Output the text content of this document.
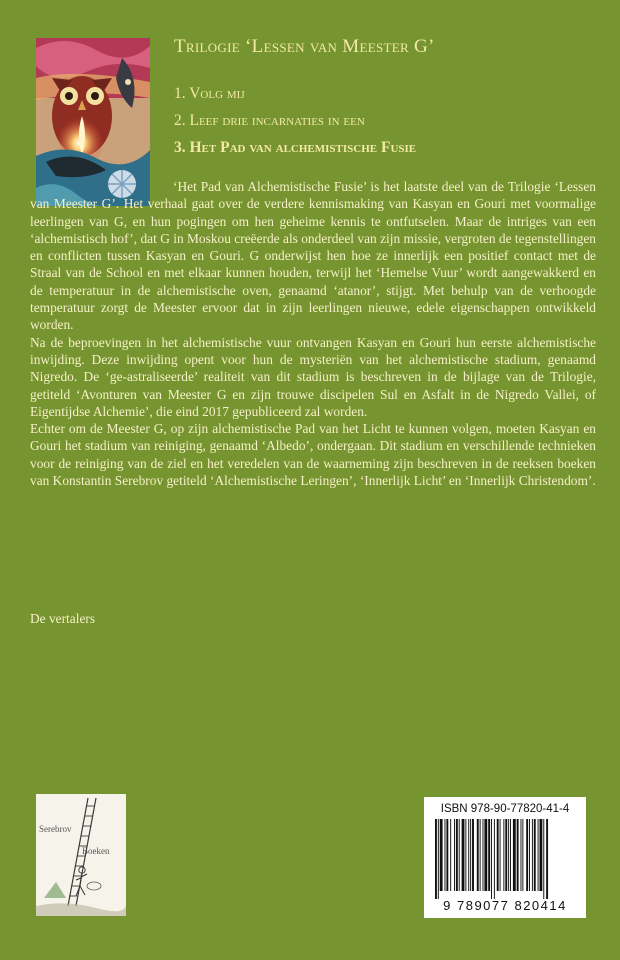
Trilogie ‘Lessen van Meester G’
1. Volg mij
2. Leef drie incarnaties in een
3. Het Pad van alchemistische Fusie

‘Het Pad van Alchemistische Fusie’ is het laatste deel van de Trilogie ‘Lessen van Meester G’. Het verhaal gaat over de verdere kennismaking van Kasyan en Gouri met voormalige leerlingen van G, en hun pogingen om hen geheime kennis te ontfutselen. Maar de intriges van een ‘alchemistisch hof’, dat G in Moskou creëerde als onderdeel van zijn missie, vergroten de tegenstellingen en conflicten tussen Kasyan en Gouri. G onderwijst hen hoe ze innerlijk een positief contact met de Straal van de School en met elkaar kunnen houden, terwijl het ‘Hemelse Vuur’ wordt aangewakkerd en de temperatuur in de alchemistische oven, genaamd ‘atanor’, stijgt. Met behulp van de verhoogde temperatuur zorgt de Meester ervoor dat in zijn leerlingen nieuwe, edele eigenschappen ontwikkeld worden.

Na de beproevingen in het alchemistische vuur ontvangen Kasyan en Gouri hun eerste alchemistische inwijding. Deze inwijding opent voor hun de mysteriën van het alchemistische stadium, genaamd Nigredo. De ‘ge-astraliseerde’ realiteit van dit stadium is beschreven in de bijlage van de Trilogie, getiteld ‘Avonturen van Meester G en zijn trouwe discipelen Sul en Asfalt in de Nigredo Vallei, of Eigentijdse Alchemie’, die eind 2017 gepubliceerd zal worden.

Echter om de Meester G, op zijn alchemistische Pad van het Licht te kunnen volgen, moeten Kasyan en Gouri het stadium van reiniging, genaamd ‘Albedo’, ondergaan. Dit stadium en verschillende technieken voor de reiniging van de ziel en het veredelen van de waarneming zijn beschreven in de reeksen boeken van Konstantin Serebrov getiteld ‘Alchemistische Leringen’, ‘Innerlijk Licht’ en ‘Innerlijk Christendom’.

De vertalers
Serebrov
Boeken
ISBN 978-90-77820-41-4
9 789077 820414
